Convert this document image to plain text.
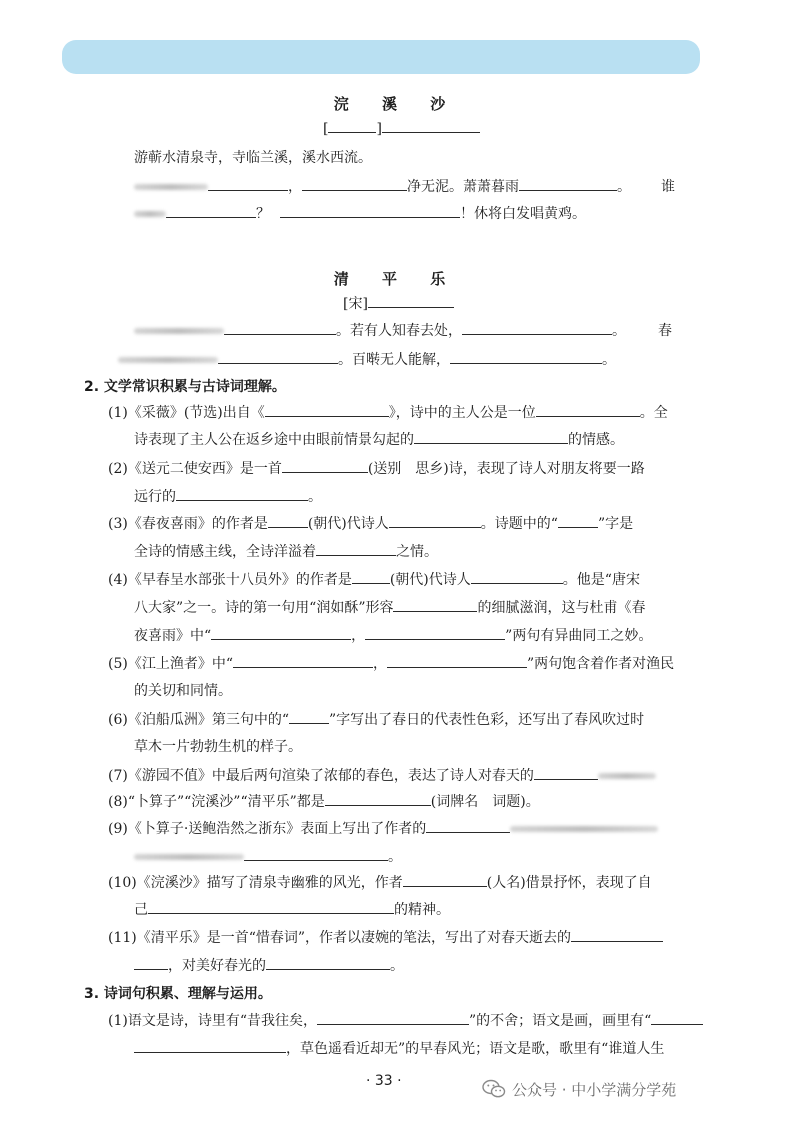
浣 溪 沙
[	]
游蕲水清泉寺，寺临兰溪，溪水西流。
，	净无泥。萧萧暮雨	。 谁
？	！休将白发唱黄鸡。
清 平 乐
[宋]
。若有人知春去处，	。 春
。百啭无人能解，	。
2. 文学常识积累与古诗词理解。
(1)《采薇》(节选)出自《	》，诗中的主人公是一位	。全
诗表现了主人公在返乡途中由眼前情景勾起的	的情感。
(2)《送元二使安西》是一首	(送别　思乡)诗，表现了诗人对朋友将要一路
远行的	。
(3)《春夜喜雨》的作者是	(朝代)代诗人	。诗题中的“	”字是
全诗的情感主线，全诗洋溢着	之情。
(4)《早春呈水部张十八员外》的作者是	(朝代)代诗人	。他是“唐宋
八大家”之一。诗的第一句用“润如酥”形容	的细腻滋润，这与杜甫《春
夜喜雨》中“	，	”两句有异曲同工之妙。
(5)《江上渔者》中“	，	”两句饱含着作者对渔民
的关切和同情。
(6)《泊船瓜洲》第三句中的“	”字写出了春日的代表性色彩，还写出了春风吹过时
草木一片勃勃生机的样子。
(7)《游园不值》中最后两句渲染了浓郁的春色，表达了诗人对春天的
(8)“卜算子”“浣溪沙”“清平乐”都是	(词牌名　词题)。
(9)《卜算子·送鲍浩然之浙东》表面上写出了作者的
。
(10)《浣溪沙》描写了清泉寺幽雅的风光，作者	(人名)借景抒怀，表现了自
己	的精神。
(11)《清平乐》是一首“惜春词”，作者以凄婉的笔法，写出了对春天逝去的
，对美好春光的	。
3. 诗词句积累、理解与运用。
(1)语文是诗，诗里有“昔我往矣，	”的不舍；语文是画，画里有“
，草色遥看近却无”的早春风光；语文是歌，歌里有“谁道人生
· 33 ·	公众号 · 中小学满分学苑
